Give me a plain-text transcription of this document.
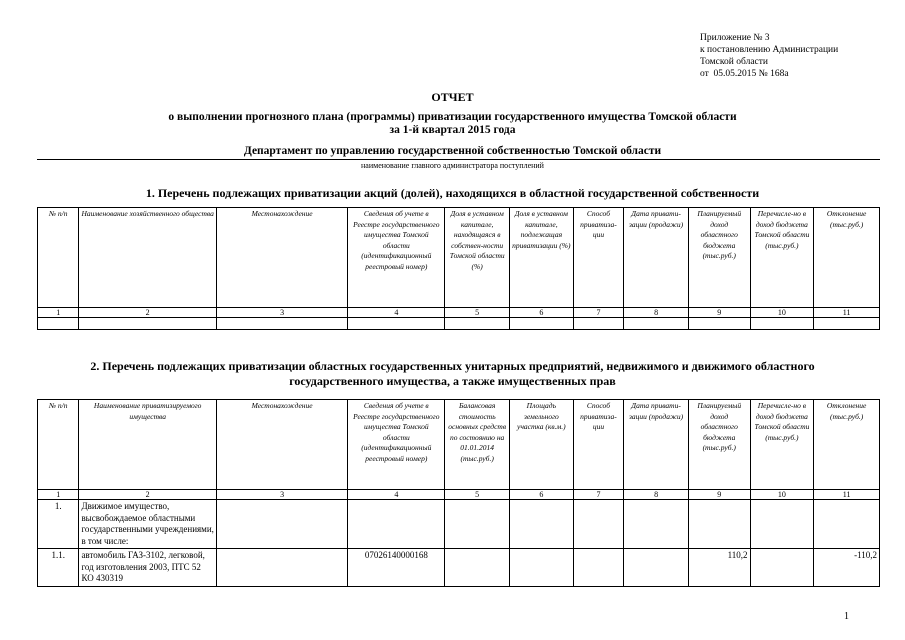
Приложение № 3
к постановлению Администрации
Томской области
от  05.05.2015 № 168а
ОТЧЕТ
о выполнении прогнозного плана (программы) приватизации государственного имущества Томской области
за 1-й квартал 2015 года
Департамент по управлению государственной собственностью Томской области
наименование главного администратора поступлений
1. Перечень подлежащих приватизации акций (долей), находящихся в областной государственной собственности
№ п/п	Наименование хозяйственного общества	Местонахождение	Сведения об учете в Реестре государственного имущества Томской области (идентификационный реестровый номер)	Доля в уставном капитале, находящаяся в собствен-ности Томской области (%)	Доля в уставном капитале, подлежащая приватизации (%)	Способ приватиза-ции	Дата привати-зации (продажи)	Планируемый доход областного бюджета (тыс.руб.)	Перечисле-но в доход бюджета Томской области (тыс.руб.)	Отклонение (тыс.руб.)
1	2	3	4	5	6	7	8	9	10	11

2. Перечень подлежащих приватизации областных государственных унитарных предприятий, недвижимого и движимого областного
государственного имущества, а также имущественных прав
№ п/п	Наименование приватизируемого имущества	Местонахождение	Сведения об учете в Реестре государственного имущества Томской области (идентификационный реестровый номер)	Балансовая стоимость основных средств по состоянию на 01.01.2014 (тыс.руб.)	Площадь земельного участка (кв.м.)	Способ приватиза-ции	Дата привати-зации (продажи)	Планируемый доход областного бюджета (тыс.руб.)	Перечисле-но в доход бюджета Томской области (тыс.руб.)	Отклонение (тыс.руб.)
1	2	3	4	5	6	7	8	9	10	11
1.	Движимое имущество, высвобождаемое областными государственными учреждениями, в том числе:									
1.1.	автомобиль ГАЗ-3102, легковой, год изготовления 2003, ПТС 52 КО 430319		07026140000168					110,2		-110,2
1
